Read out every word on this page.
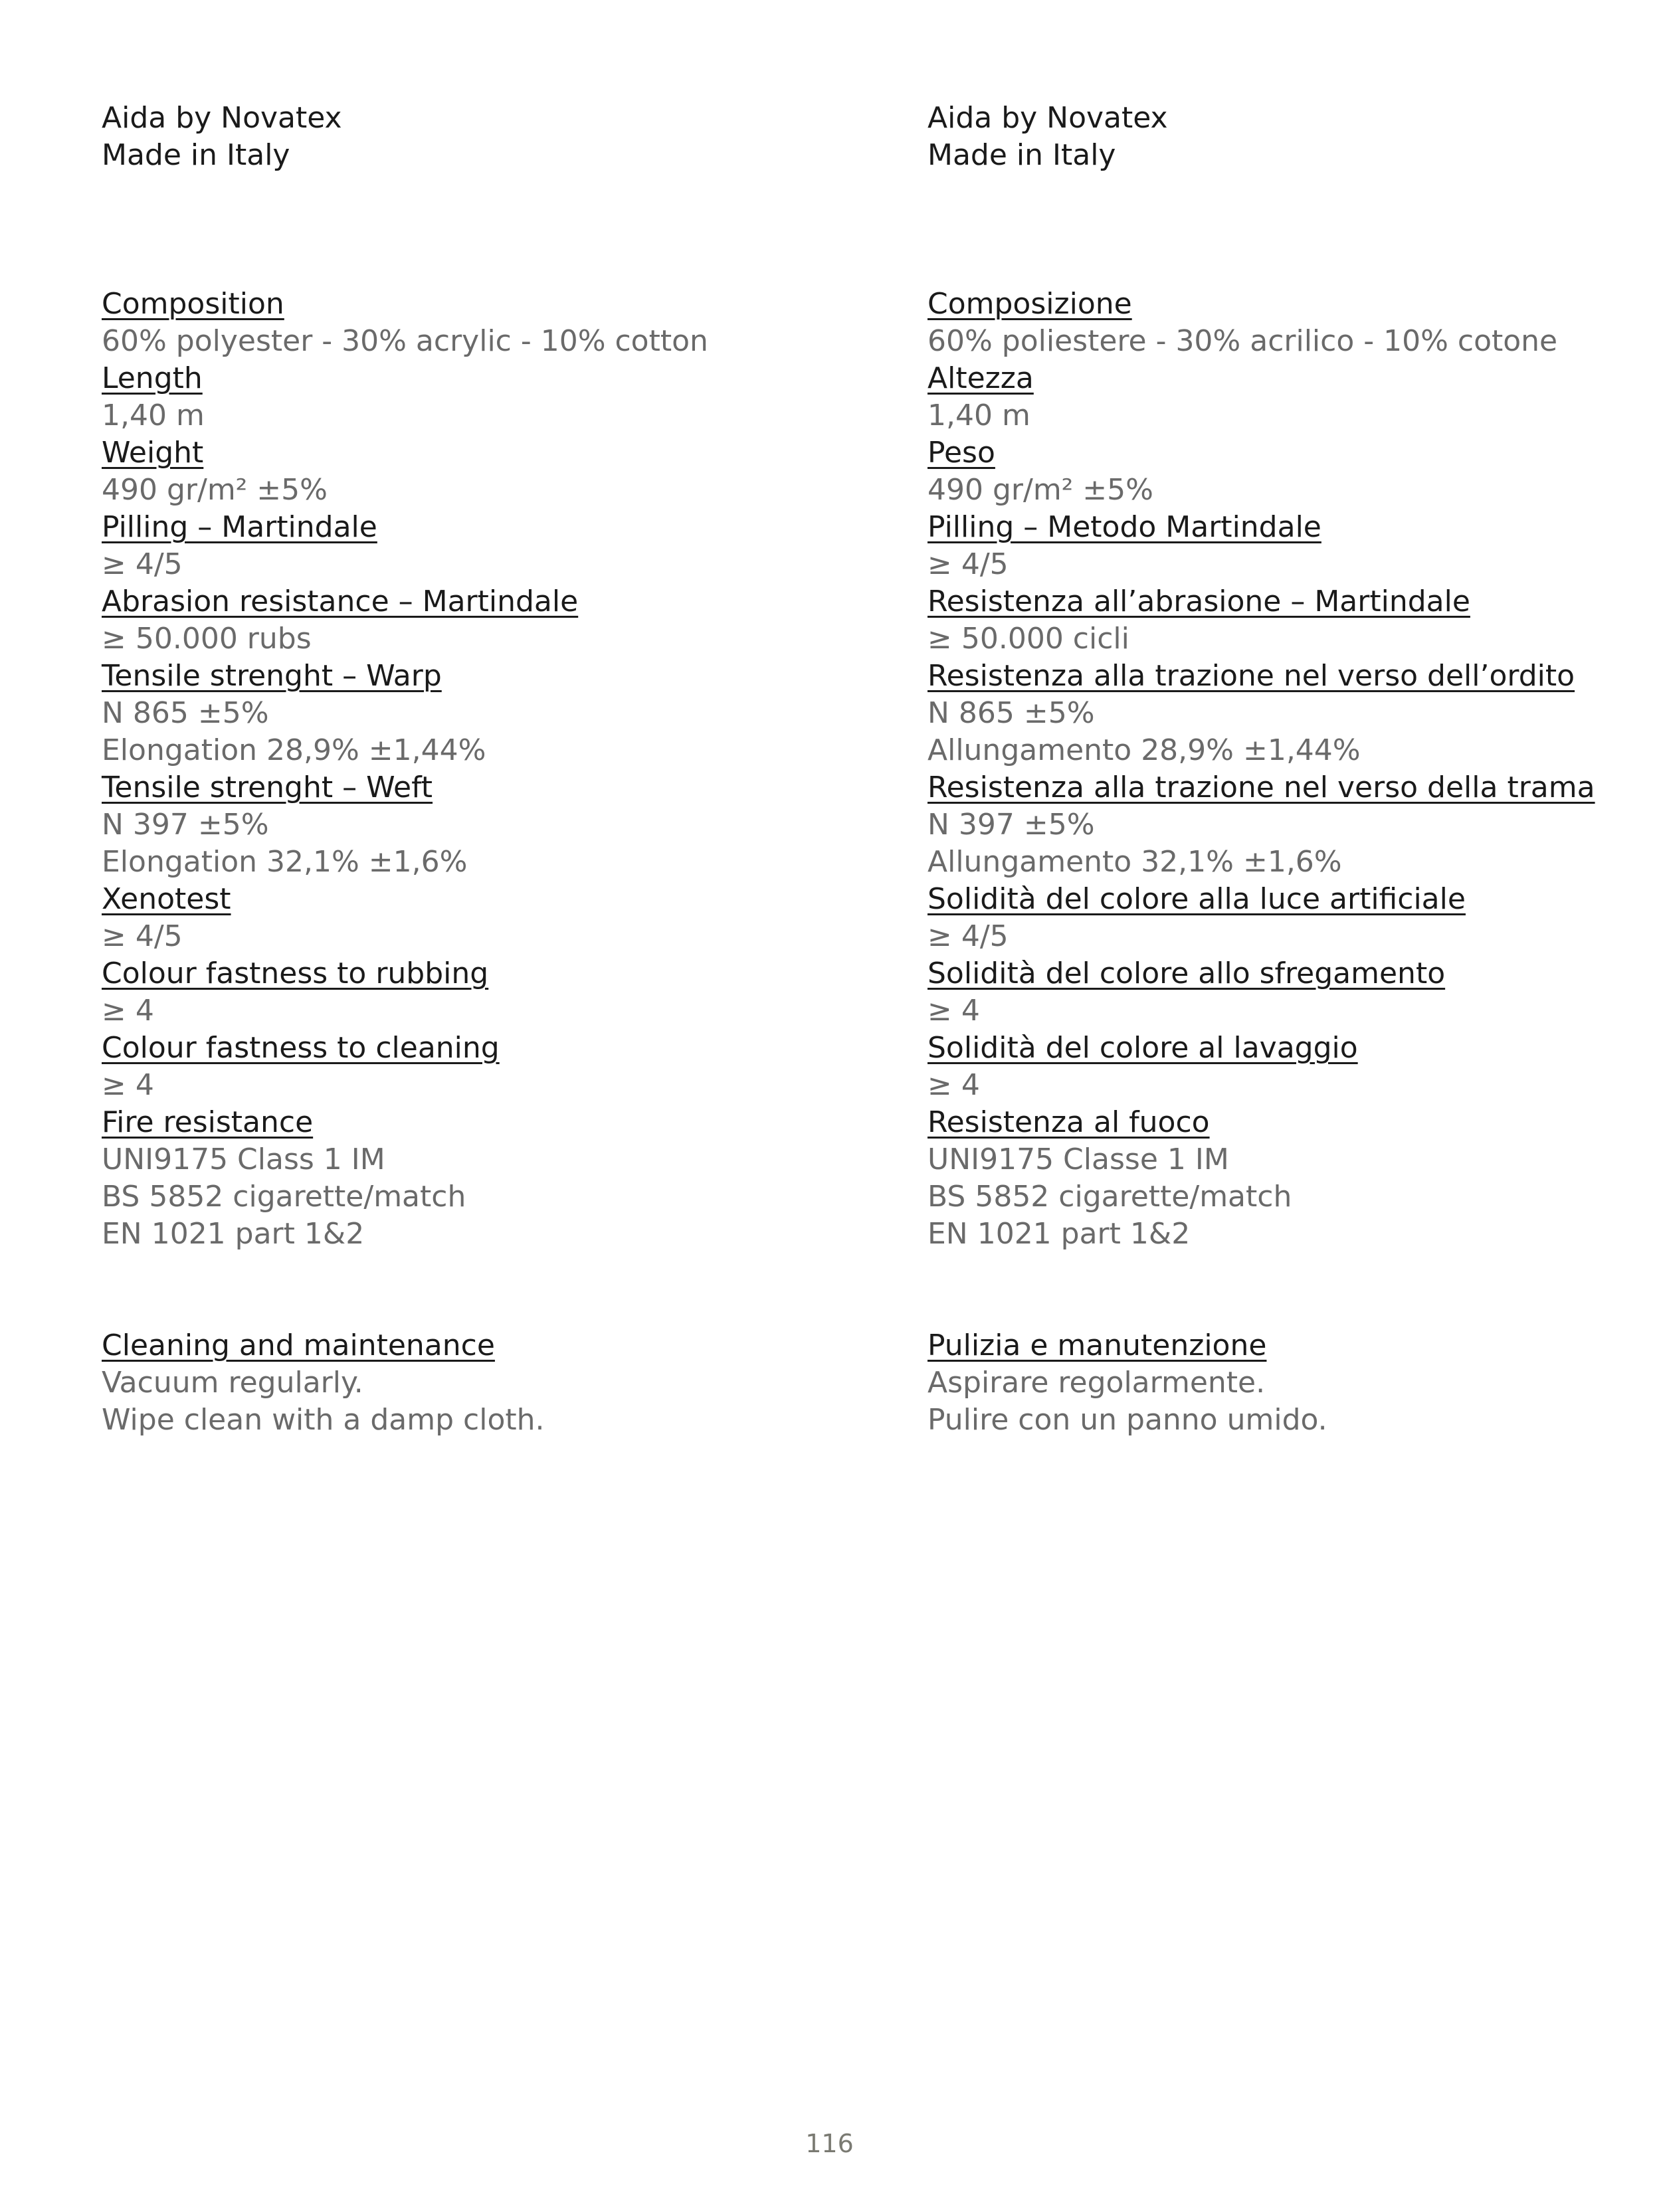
Aida by Novatex

Made in Italy

Composition

60% polyester - 30% acrylic - 10% cotton

Length

1,40 m

Weight

490 gr/m² ±5%

Pilling – Martindale

≥ 4/5

Abrasion resistance – Martindale

≥ 50.000 rubs

Tensile strenght – Warp

N 865 ±5%

Elongation 28,9% ±1,44%

Tensile strenght – Weft

N 397 ±5%

Elongation 32,1% ±1,6%

Xenotest

≥ 4/5

Colour fastness to rubbing

≥ 4

Colour fastness to cleaning

≥ 4

Fire resistance

UNI9175 Class 1 IM

BS 5852 cigarette/match

EN 1021 part 1&2

Cleaning and maintenance

Vacuum regularly.

Wipe clean with a damp cloth.

Aida by Novatex

Made in Italy

Composizione

60% poliestere - 30% acrilico - 10% cotone

Altezza

1,40 m

Peso

490 gr/m² ±5%

Pilling – Metodo Martindale

≥ 4/5

Resistenza all’abrasione – Martindale

≥ 50.000 cicli

Resistenza alla trazione nel verso dell’ordito

N 865 ±5%

Allungamento 28,9% ±1,44%

Resistenza alla trazione nel verso della trama

N 397 ±5%

Allungamento 32,1% ±1,6%

Solidità del colore alla luce artificiale

≥ 4/5

Solidità del colore allo sfregamento

≥ 4

Solidità del colore al lavaggio

≥ 4

Resistenza al fuoco

UNI9175 Classe 1 IM

BS 5852 cigarette/match

EN 1021 part 1&2

Pulizia e manutenzione

Aspirare regolarmente.

Pulire con un panno umido.

116
